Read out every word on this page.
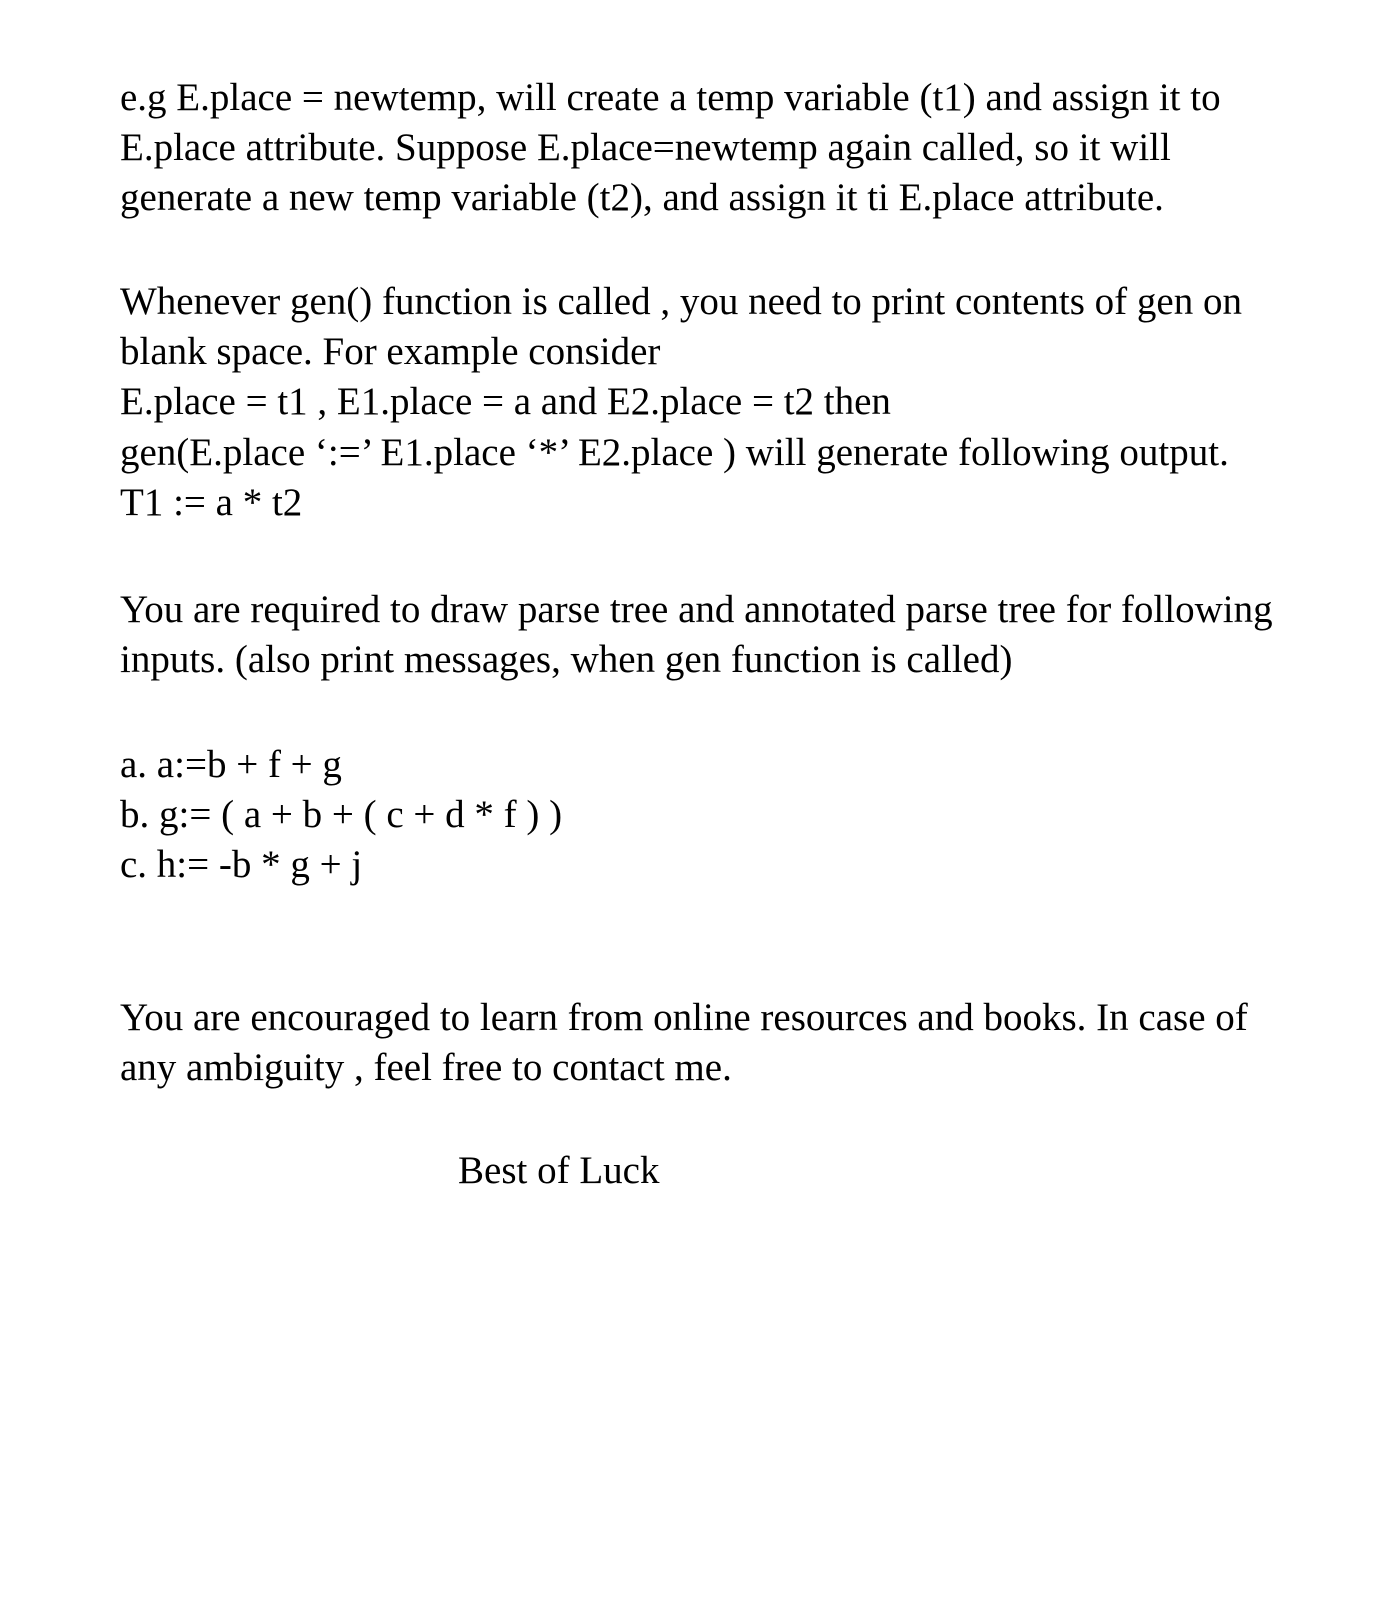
e.g E.place = newtemp, will create a temp variable (t1) and assign it to
E.place attribute. Suppose E.place=newtemp again called, so it will
generate a new temp variable (t2), and assign it ti E.place attribute.
Whenever gen() function is called , you need to print contents of gen on
blank space. For example consider
E.place = t1 , E1.place = a and E2.place = t2 then
gen(E.place ‘:=’ E1.place ‘*’ E2.place ) will generate following output.
T1 := a * t2
You are required to draw parse tree and annotated parse tree for following
inputs. (also print messages, when gen function is called)
a. a:=b + f + g
b. g:= ( a + b + ( c + d * f ) )
c. h:= -b * g + j
You are encouraged to learn from online resources and books. In case of
any ambiguity , feel free to contact me.
Best of Luck
